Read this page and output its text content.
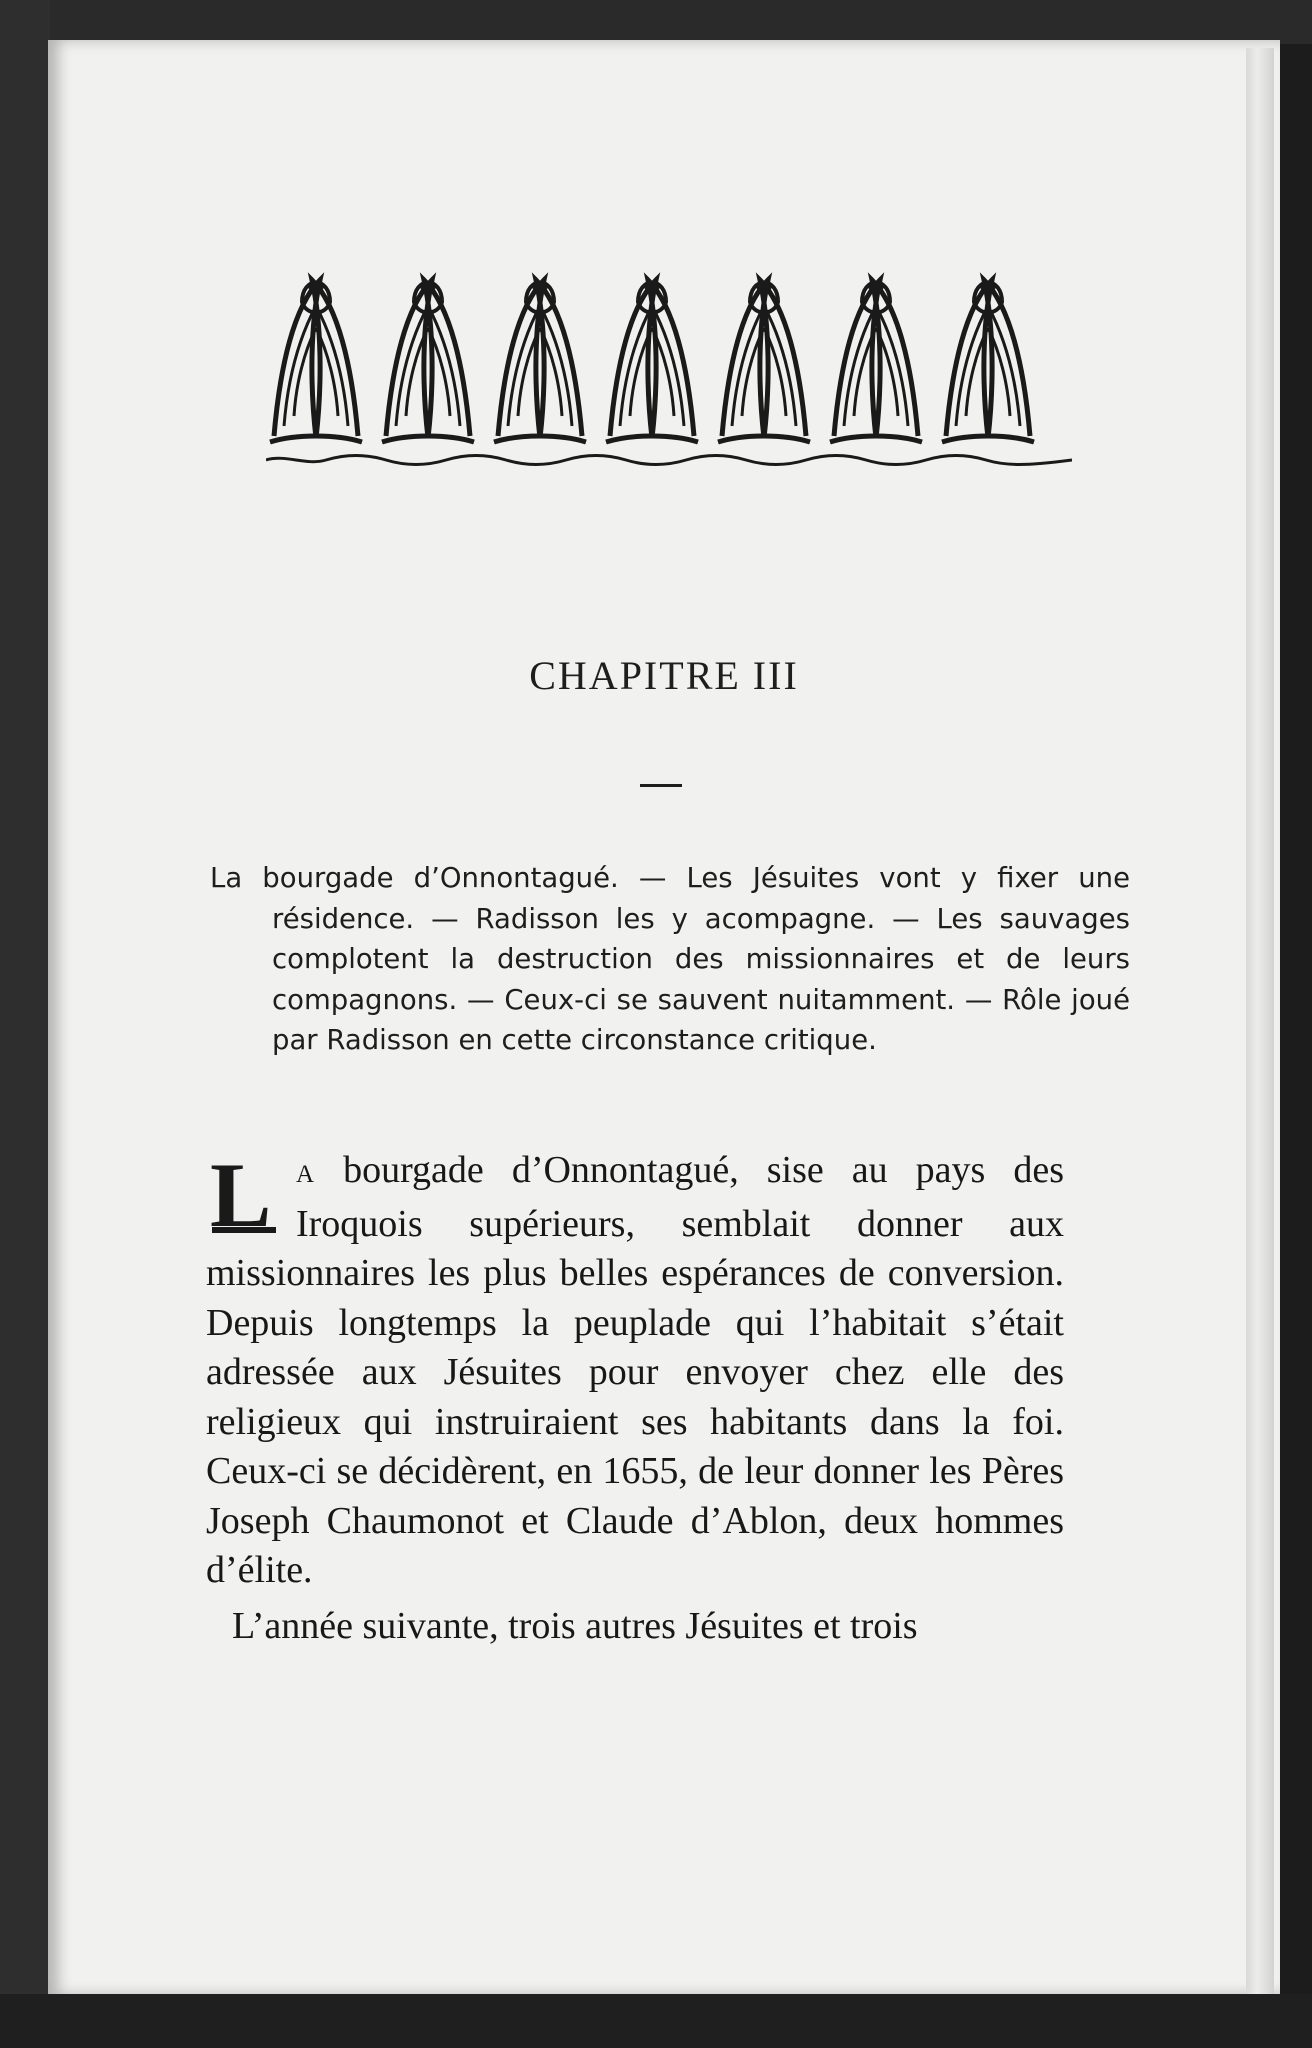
CHAPITRE III
La bourgade d’Onnontagué. — Les Jésuites vont y fixer une résidence. — Radisson les y acompagne. — Les sauvages complotent la destruction des missionnaires et de leurs compagnons. — Ceux-ci se sauvent nuitamment. — Rôle joué par Radisson en cette circonstance critique.

L A bourgade d’Onnontagué, sise au pays des Iroquois supérieurs, semblait donner aux missionnaires les plus belles espérances de conversion. Depuis longtemps la peuplade qui l’habitait s’était adressée aux Jésuites pour envoyer chez elle des religieux qui instruiraient ses habitants dans la foi. Ceux-ci se décidèrent, en 1655, de leur donner les Pères Joseph Chaumonot et Claude d’Ablon, deux hommes d’élite.

L’année suivante, trois autres Jésuites et trois
